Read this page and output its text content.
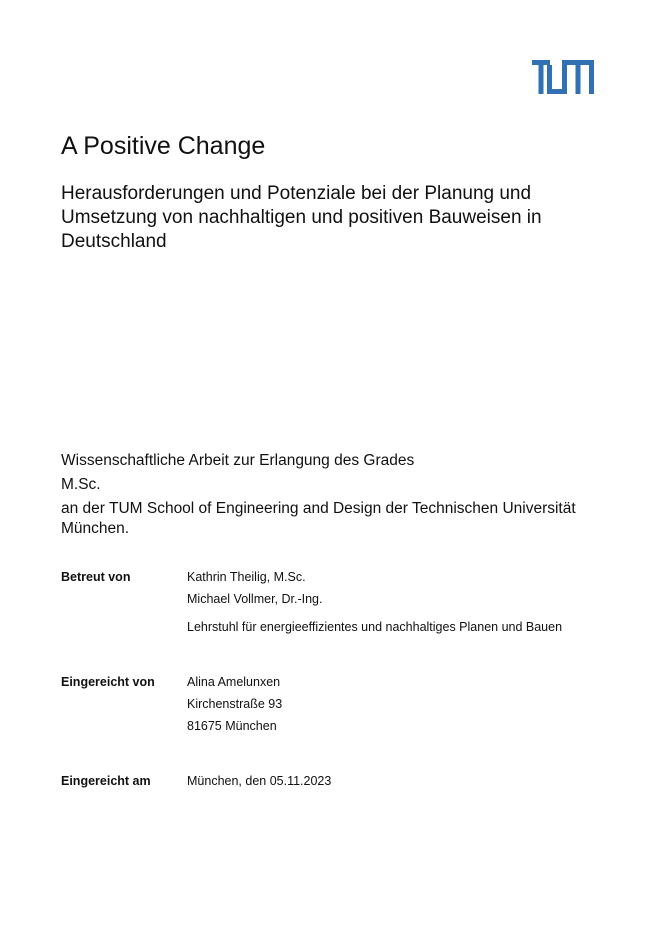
A Positive Change
Herausforderungen und Potenziale bei der Planung und
Umsetzung von nachhaltigen und positiven Bauweisen in
Deutschland
Wissenschaftliche Arbeit zur Erlangung des Grades
M.Sc.
an der TUM School of Engineering and Design der Technischen Universität
München.
Betreut von	Kathrin Theilig, M.Sc.
Michael Vollmer, Dr.-Ing.
Lehrstuhl für energieeffizientes und nachhaltiges Planen und Bauen
Eingereicht von	Alina Amelunxen
Kirchenstraße 93
81675 München
Eingereicht am	München, den 05.11.2023
